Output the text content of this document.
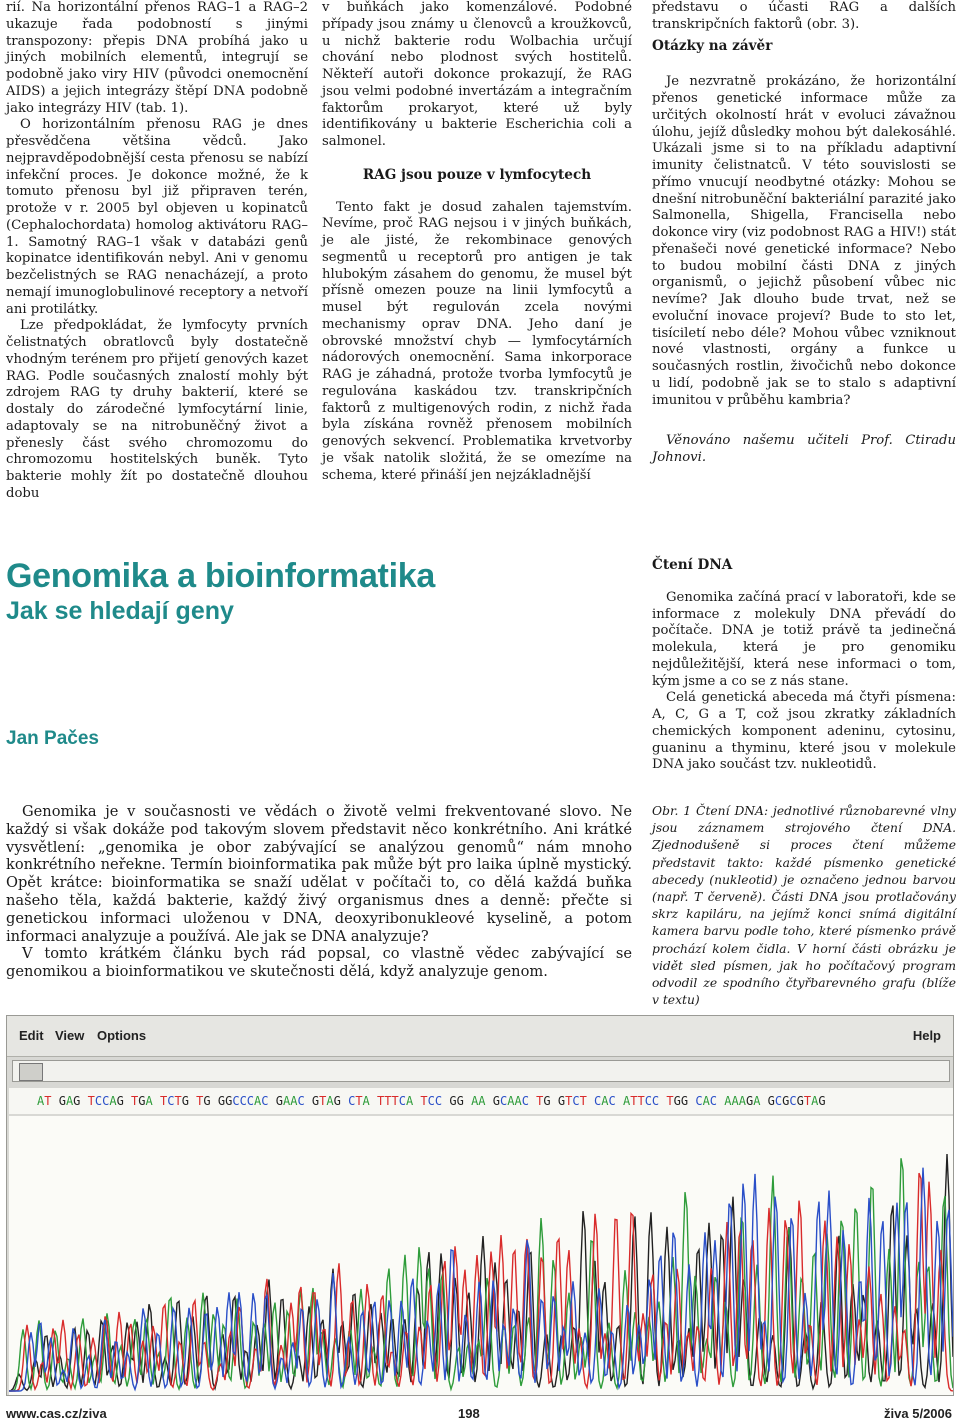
rií. Na horizontální přenos RAG–1 a RAG–2 ukazuje řada podobností s jinými transpozony: přepis DNA probíhá jako u jiných mobilních elementů, integrují se podobně jako viry HIV (původci onemocnění AIDS) a jejich integrázy štěpí DNA podobně jako integrázy HIV (tab. 1).

O horizontálním přenosu RAG je dnes přesvědčena většina vědců. Jako nejpravděpodobnější cesta přenosu se nabízí infekční proces. Je dokonce možné, že k tomuto přenosu byl již připraven terén, protože v r. 2005 byl objeven u kopinatců (Cephalochordata) homolog aktivátoru RAG–1. Samotný RAG–1 však v databázi genů kopinatce identifikován nebyl. Ani v genomu bezčelistných se RAG nenacházejí, a proto nemají imunoglobulinové receptory a netvoří ani protilátky.

Lze předpokládat, že lymfocyty prvních čelistnatých obratlovců byly dostatečně vhodným terénem pro přijetí genových kazet RAG. Podle současných znalostí mohly být zdrojem RAG ty druhy bakterií, které se dostaly do zárodečné lymfocytární linie, adaptovaly se na nitrobuněčný život a přenesly část svého chromozomu do chromozomu hostitelských buněk. Tyto bakterie mohly žít po dostatečně dlouhou dobu

v buňkách jako komenzálové. Podobné případy jsou známy u členovců a kroužkovců, u nichž bakterie rodu Wolbachia určují chování nebo plodnost svých hostitelů. Někteří autoři dokonce prokazují, že RAG jsou velmi podobné invertázám a integračním faktorům prokaryot, které už byly identifikovány u bakterie Escherichia coli a salmonel.

RAG jsou pouze v lymfocytech

Tento fakt je dosud zahalen tajemstvím. Nevíme, proč RAG nejsou i v jiných buňkách, je ale jisté, že rekombinace genových segmentů u receptorů pro antigen je tak hlubokým zásahem do genomu, že musel být přísně omezen pouze na linii lymfocytů a musel být regulován zcela novými mechanismy oprav DNA. Jeho daní je obrovské množství chyb — lymfocytárních nádorových onemocnění. Sama inkorporace RAG je záhadná, protože tvorba lymfocytů je regulována kaskádou tzv. transkripčních faktorů z multigenových rodin, z nichž řada byla získána rovněž přenosem mobilních genových sekvencí. Problematika krvetvorby je však natolik složitá, že se omezíme na schema, které přináší jen nejzákladnější

představu o účasti RAG a dalších transkripčních faktorů (obr. 3).

Otázky na závěr

Je nezvratně prokázáno, že horizontální přenos genetické informace může za určitých okolností hrát v evoluci závažnou úlohu, jejíž důsledky mohou být dalekosáhlé. Ukázali jsme si to na příkladu adaptivní imunity čelistnatců. V této souvislosti se přímo vnucují neodbytné otázky: Mohou se dnešní nitrobuněční bakteriální parazité jako Salmonella, Shigella, Francisella nebo dokonce viry (viz podobnost RAG a HIV!) stát přenašeči nové genetické informace? Nebo to budou mobilní části DNA z jiných organismů, o jejichž působení vůbec nic nevíme? Jak dlouho bude trvat, než se evoluční inovace projeví? Bude to sto let, tisíciletí nebo déle? Mohou vůbec vzniknout nové vlastnosti, orgány a funkce u současných rostlin, živočichů nebo dokonce u lidí, podobně jak se to stalo s adaptivní imunitou v průběhu kambria?

Věnováno našemu učiteli Prof. Ctiradu Johnovi.

Genomika a bioinformatika
Jak se hledají geny
Jan Pačes
Čtení DNA

Genomika začíná prací v laboratoři, kde se informace z molekuly DNA převádí do počítače. DNA je totiž právě ta jedinečná molekula, která je pro genomiku nejdůležitější, která nese informaci o tom, kým jsme a co se z nás stane.

Celá genetická abeceda má čtyři písmena: A, C, G a T, což jsou zkratky základních chemických komponent adeninu, cytosinu, guaninu a thyminu, které jsou v molekule DNA jako součást tzv. nukleotidů.

Genomika je v současnosti ve vědách o životě velmi frekventované slovo. Ne každý si však dokáže pod takovým slovem představit něco konkrétního. Ani krátké vysvětlení: „genomika je obor zabývající se analýzou genomů“ nám mnoho konkrétního neřekne. Termín bioinformatika pak může být pro laika úplně mystický. Opět krátce: bioinformatika se snaží udělat v počítači to, co dělá každá buňka našeho těla, každá bakterie, každý živý organismus dnes a denně: přečte si genetickou informaci uloženou v DNA, deoxyribonukleové kyselině, a potom informaci analyzuje a používá. Ale jak se DNA analyzuje?

V tomto krátkém článku bych rád popsal, co vlastně vědec zabývající se genomikou a bioinformatikou ve skutečnosti dělá, když analyzuje genom.

Obr. 1 Čtení DNA: jednotlivé různobarevné vlny jsou záznamem strojového čtení DNA. Zjednodušeně si proces čtení můžeme představit takto: každé písmenko genetické abecedy (nukleotid) je označeno jednou barvou (např. T červeně). Části DNA jsou protlačovány skrz kapiláru, na jejímž konci snímá digitální kamera barvu podle toho, které písmenko právě prochází kolem čidla. V horní části obrázku je vidět sled písmen, jak ho počítačový program odvodil ze spodního čtyřbarevného grafu (blíže v textu)
Edit View Options	Help
AT GAG TCCAG TGA TCTG TG GGCCCAC GAAC GTAG CTA TTTCA TCC GG AA GCAAC TG GTCT CAC ATTCC TGG CAC AAAGA GCGCGTAG
www.cas.cz/ziva	198	živa 5/2006
